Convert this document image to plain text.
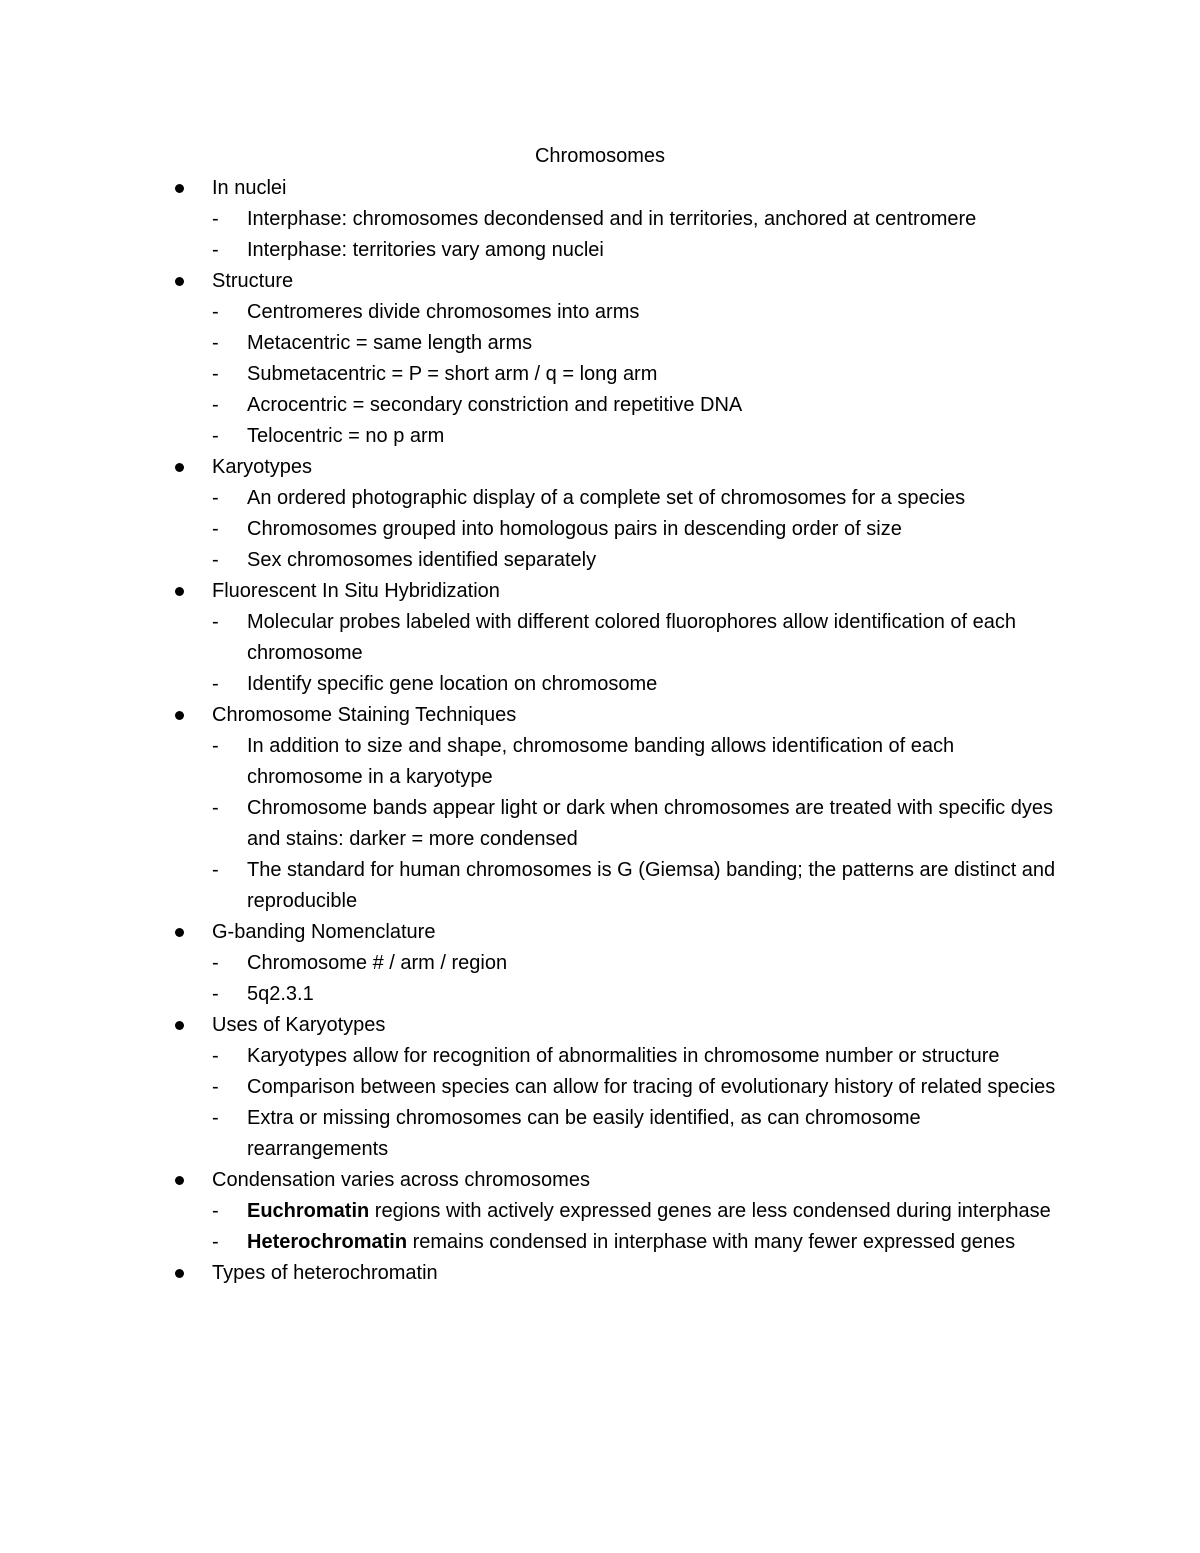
Chromosomes
In nuclei
- Interphase: chromosomes decondensed and in territories, anchored at centromere
- Interphase: territories vary among nuclei
Structure
- Centromeres divide chromosomes into arms
- Metacentric = same length arms
- Submetacentric = P = short arm / q = long arm
- Acrocentric = secondary constriction and repetitive DNA
- Telocentric = no p arm
Karyotypes
- An ordered photographic display of a complete set of chromosomes for a species
- Chromosomes grouped into homologous pairs in descending order of size
- Sex chromosomes identified separately
Fluorescent In Situ Hybridization
- Molecular probes labeled with different colored fluorophores allow identification of each chromosome
- Identify specific gene location on chromosome
Chromosome Staining Techniques
- In addition to size and shape, chromosome banding allows identification of each chromosome in a karyotype
- Chromosome bands appear light or dark when chromosomes are treated with specific dyes and stains: darker = more condensed
- The standard for human chromosomes is G (Giemsa) banding; the patterns are distinct and reproducible
G-banding Nomenclature
- Chromosome # / arm / region
- 5q2.3.1
Uses of Karyotypes
- Karyotypes allow for recognition of abnormalities in chromosome number or structure
- Comparison between species can allow for tracing of evolutionary history of related species
- Extra or missing chromosomes can be easily identified, as can chromosome rearrangements
Condensation varies across chromosomes
- Euchromatin regions with actively expressed genes are less condensed during interphase
- Heterochromatin remains condensed in interphase with many fewer expressed genes
Types of heterochromatin
